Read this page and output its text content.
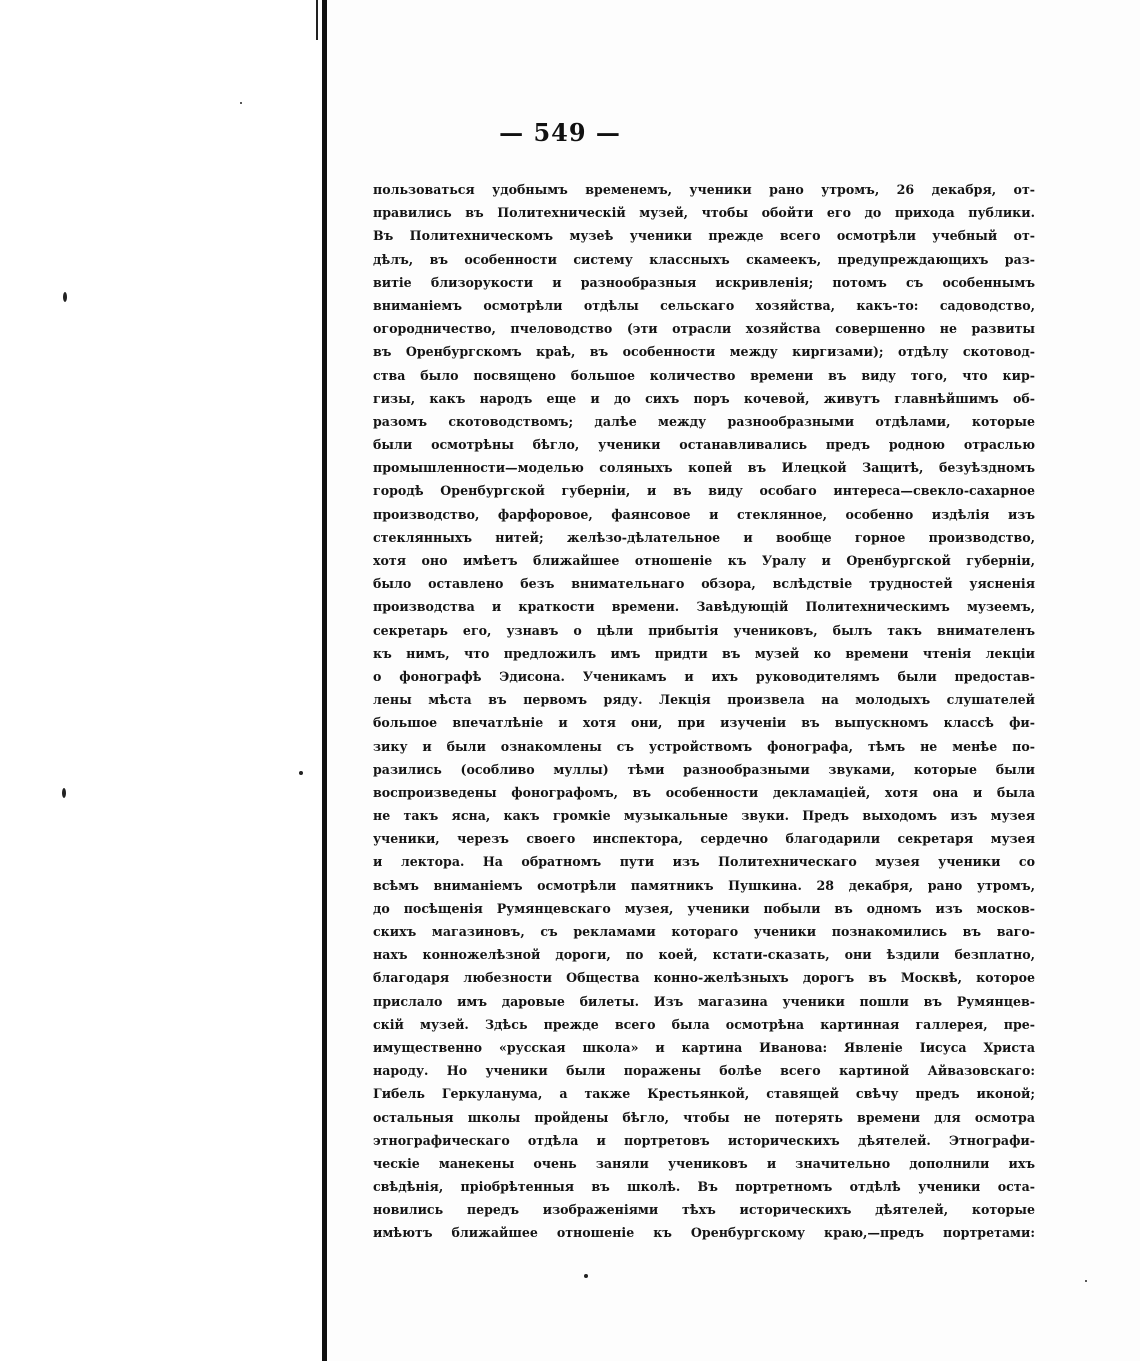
— 549 —
пользоваться удобнымъ временемъ, ученики рано утромъ, 26 декабря, от-
правились въ Политехническiй музей, чтобы обойти его до прихода публики.
Въ Политехническомъ музеѣ ученики прежде всего осмотрѣли учебный от-
дѣлъ, въ особенности систему классныхъ скамеекъ, предупреждающихъ раз-
витiе близорукости и разнообразныя искривленiя; потомъ съ особеннымъ
вниманiемъ осмотрѣли отдѣлы сельскаго хозяйства, какъ-то: садоводство,
огородничество, пчеловодство (эти отрасли хозяйства совершенно не развиты
въ Оренбургскомъ краѣ, въ особенности между киргизами); отдѣлу скотовод-
ства было посвящено большое количество времени въ виду того, что кир-
гизы, какъ народъ еще и до сихъ поръ кочевой, живутъ главнѣйшимъ об-
разомъ скотоводствомъ; далѣе между разнообразными отдѣлами, которые
были осмотрѣны бѣгло, ученики останавливались предъ родною отраслью
промышленности—моделью соляныхъ копей въ Илецкой Защитѣ, безуѣздномъ
городѣ Оренбургской губернiи, и въ виду особаго интереса—свекло-сахарное
производство, фарфоровое, фаянсовое и стеклянное, особенно издѣлiя изъ
стеклянныхъ нитей; желѣзо-дѣлательное и вообще горное производство,
хотя оно имѣетъ ближайшее отношенiе къ Уралу и Оренбургской губернiи,
было оставлено безъ внимательнаго обзора, вслѣдствiе трудностей уясненiя
производства и краткости времени. Завѣдующiй Политехническимъ музеемъ,
секретарь его, узнавъ о цѣли прибытiя учениковъ, былъ такъ внимателенъ
къ нимъ, что предложилъ имъ придти въ музей ко времени чтенiя лекцiи
о фонографѣ Эдисона. Ученикамъ и ихъ руководителямъ были предостав-
лены мѣста въ первомъ ряду. Лекцiя произвела на молодыхъ слушателей
большое впечатлѣнiе и хотя они, при изученiи въ выпускномъ классѣ фи-
зику и были ознакомлены съ устройствомъ фонографа, тѣмъ не менѣе по-
разились (особливо муллы) тѣми разнообразными звуками, которые были
воспроизведены фонографомъ, въ особенности декламацiей, хотя она и была
не такъ ясна, какъ громкiе музыкальные звуки. Предъ выходомъ изъ музея
ученики, черезъ своего инспектора, сердечно благодарили секретаря музея
и лектора. На обратномъ пути изъ Политехническаго музея ученики со
всѣмъ вниманiемъ осмотрѣли памятникъ Пушкина. 28 декабря, рано утромъ,
до посѣщенiя Румянцевскаго музея, ученики побыли въ одномъ изъ москов-
скихъ магазиновъ, съ рекламами котораго ученики познакомились въ ваго-
нахъ конножелѣзной дороги, по коей, кстати-сказать, они ѣздили безплатно,
благодаря любезности Общества конно-желѣзныхъ дорогъ въ Москвѣ, которое
прислало имъ даровые билеты. Изъ магазина ученики пошли въ Румянцев-
скiй музей. Здѣсь прежде всего была осмотрѣна картинная галлерея, пре-
имущественно «русская школа» и картина Иванова: Явленiе Iисуса Христа
народу. Но ученики были поражены болѣе всего картиной Айвазовскаго:
Гибель Геркуланума, а также Крестьянкой, ставящей свѣчу предъ иконой;
остальныя школы пройдены бѣгло, чтобы не потерять времени для осмотра
этнографическаго отдѣла и портретовъ историческихъ дѣятелей. Этнографи-
ческiе манекены очень заняли учениковъ и значительно дополнили ихъ
свѣдѣнiя, прiобрѣтенныя въ школѣ. Въ портретномъ отдѣлѣ ученики оста-
новились передъ изображенiями тѣхъ историческихъ дѣятелей, которые
имѣютъ ближайшее отношенiе къ Оренбургскому краю,—предъ портретами:
